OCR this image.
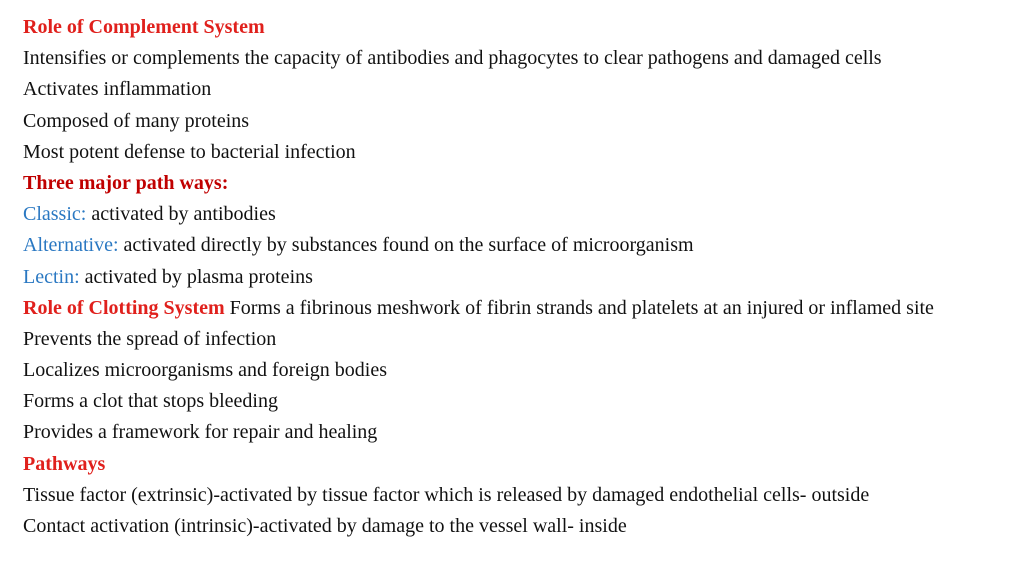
Role of Complement System
Intensifies or complements the capacity of antibodies and phagocytes to clear pathogens and damaged cells
Activates inflammation
Composed of many proteins
Most potent defense to bacterial infection
Three major path ways:
Classic: activated by antibodies
Alternative: activated directly by substances found on the surface of microorganism
Lectin: activated by plasma proteins
Role of Clotting System Forms a fibrinous meshwork of fibrin strands and platelets at an injured or inflamed site
Prevents the spread of infection
Localizes microorganisms and foreign bodies
Forms a clot that stops bleeding
Provides a framework for repair and healing
Pathways
Tissue factor (extrinsic)-activated by tissue factor which is released by damaged endothelial cells- outside
Contact activation (intrinsic)-activated by damage to the vessel wall- inside
